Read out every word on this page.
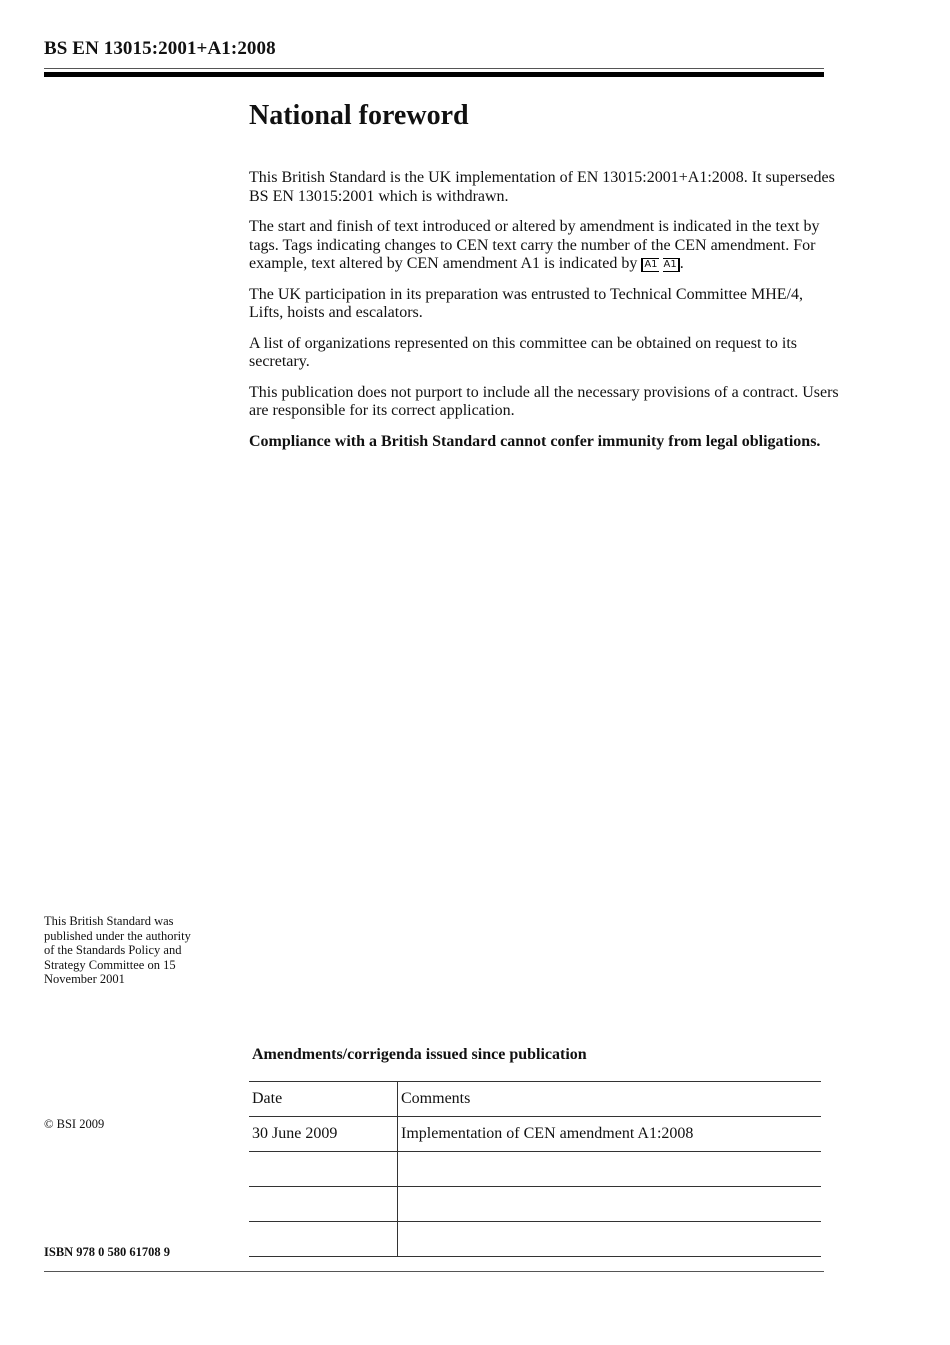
BS EN 13015:2001+A1:2008
National foreword

This British Standard is the UK implementation of EN 13015:2001+A1:2008. It supersedes BS EN 13015:2001 which is withdrawn.

The start and finish of text introduced or altered by amendment is indicated in the text by tags. Tags indicating changes to CEN text carry the number of the CEN amendment. For example, text altered by CEN amendment A1 is indicated by A1 A1 .

The UK participation in its preparation was entrusted to Technical Committee MHE/4, Lifts, hoists and escalators.

A list of organizations represented on this committee can be obtained on request to its secretary.

This publication does not purport to include all the necessary provisions of a contract. Users are responsible for its correct application.

Compliance with a British Standard cannot confer immunity from legal obligations.

This British Standard was published under the authority of the Standards Policy and Strategy Committee on 15 November 2001
© BSI 2009
ISBN 978 0 580 61708 9
Amendments/corrigenda issued since publication
Date	Comments
30 June 2009	Implementation of CEN amendment A1:2008
